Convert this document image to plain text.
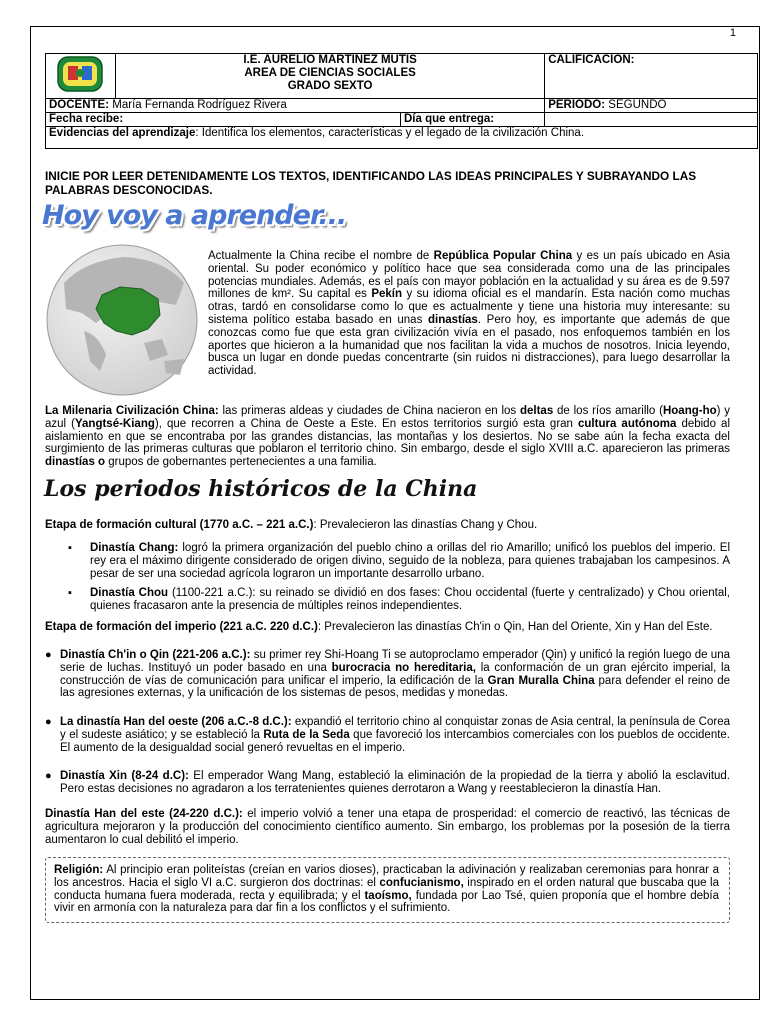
1

I.E. AURELIO MARTINEZ MUTIS
AREA DE CIENCIAS SOCIALES
GRADO SEXTO
	CALIFICACION:
DOCENTE: María Fernanda Rodríguez Rivera	PERIODO: SEGUNDO

Fecha recibe:	Día que entrega:

Evidencias del aprendizaje: Identifica los elementos, características y el legado de la civilización China.
INICIE POR LEER DETENIDAMENTE LOS TEXTOS, IDENTIFICANDO LAS IDEAS PRINCIPALES Y SUBRAYANDO LAS PALABRAS DESCONOCIDAS.
Hoy voy a aprender...
Actualmente la China recibe el nombre de República Popular China y es un país ubicado en Asia oriental. Su poder económico y político hace que sea considerada como una de las principales potencias mundiales. Además, es el país con mayor población en la actualidad y su área es de 9.597 millones de km². Su capital es Pekín y su idioma oficial es el mandarín. Esta nación como muchas otras, tardó en consolidarse como lo que es actualmente y tiene una historia muy interesante: su sistema político estaba basado en unas dinastías. Pero hoy, es importante que además de que conozcas como fue que esta gran civilización vivía en el pasado, nos enfoquemos también en los aportes que hicieron a la humanidad que nos facilitan la vida a muchos de nosotros. Inicia leyendo, busca un lugar en donde puedas concentrarte (sin ruidos ni distracciones), para luego desarrollar la actividad.
La Milenaria Civilización China: las primeras aldeas y ciudades de China nacieron en los deltas de los ríos amarillo (Hoang-ho) y azul (Yangtsé-Kiang), que recorren a China de Oeste a Este. En estos territorios surgió esta gran cultura autónoma debido al aislamiento en que se encontraba por las grandes distancias, las montañas y los desiertos. No se sabe aún la fecha exacta del surgimiento de las primeras culturas que poblaron el territorio chino. Sin embargo, desde el siglo XVIII a.C. aparecieron las primeras dinastías o grupos de gobernantes pertenecientes a una familia.
Los periodos históricos de la China
Etapa de formación cultural (1770 a.C. – 221 a.C.): Prevalecieron las dinastías Chang y Chou.
▪ Dinastía Chang: logró la primera organización del pueblo chino a orillas del rio Amarillo; unificó los pueblos del imperio. El rey era el máximo dirigente considerado de origen divino, seguido de la nobleza, para quienes trabajaban los campesinos. A pesar de ser una sociedad agrícola lograron un importante desarrollo urbano.
▪ Dinastía Chou (1100-221 a.C.): su reinado se dividió en dos fases: Chou occidental (fuerte y centralizado) y Chou oriental, quienes fracasaron ante la presencia de múltiples reinos independientes.
Etapa de formación del imperio (221 a.C. 220 d.C.): Prevalecieron las dinastías Ch'in o Qin, Han del Oriente, Xin y Han del Este.
● Dinastía Ch'in o Qin (221-206 a.C.): su primer rey Shi-Hoang Ti se autoproclamo emperador (Qin) y unificó la región luego de una serie de luchas. Instituyó un poder basado en una burocracia no hereditaria, la conformación de un gran ejército imperial, la construcción de vías de comunicación para unificar el imperio, la edificación de la Gran Muralla China para defender el reino de las agresiones externas, y la unificación de los sistemas de pesos, medidas y monedas.
● La dinastía Han del oeste (206 a.C.-8 d.C.): expandió el territorio chino al conquistar zonas de Asia central, la península de Corea y el sudeste asiático; y se estableció la Ruta de la Seda que favoreció los intercambios comerciales con los pueblos de occidente. El aumento de la desigualdad social generó revueltas en el imperio.
● Dinastía Xin (8-24 d.C): El emperador Wang Mang, estableció la eliminación de la propiedad de la tierra y abolió la esclavitud. Pero estas decisiones no agradaron a los terratenientes quienes derrotaron a Wang y reestablecieron la dinastía Han.
Dinastía Han del este (24-220 d.C.): el imperio volvió a tener una etapa de prosperidad: el comercio de reactivó, las técnicas de agricultura mejoraron y la producción del conocimiento científico aumento. Sin embargo, los problemas por la posesión de la tierra aumentaron lo cual debilitó el imperio.
Religión: Al principio eran politeístas (creían en varios dioses), practicaban la adivinación y realizaban ceremonias para honrar a los ancestros. Hacia el siglo VI a.C. surgieron dos doctrinas: el confucianismo, inspirado en el orden natural que buscaba que la conducta humana fuera moderada, recta y equilibrada; y el taoísmo, fundada por Lao Tsé, quien proponía que el hombre debía vivir en armonía con la naturaleza para dar fin a los conflictos y el sufrimiento.
